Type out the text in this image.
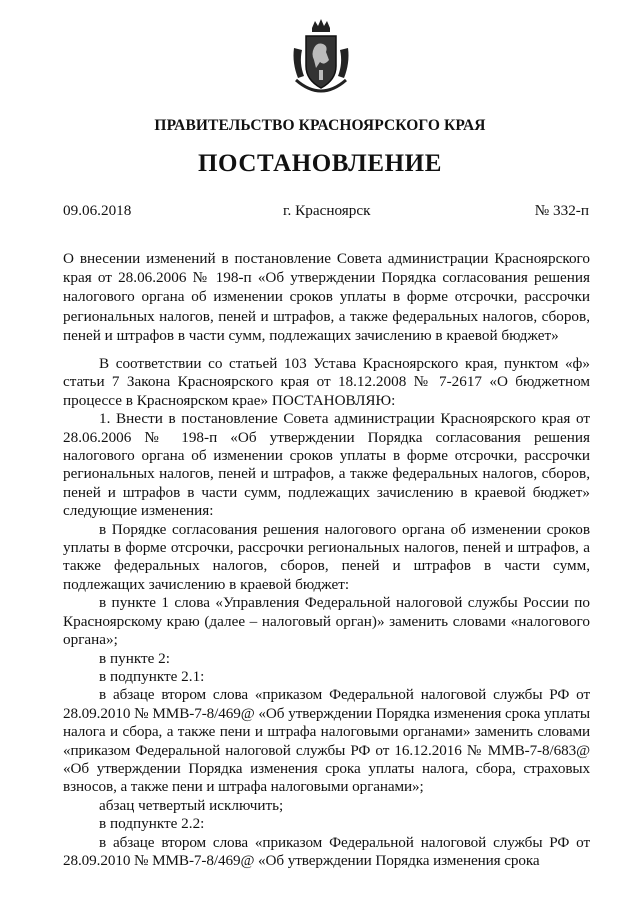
ПРАВИТЕЛЬСТВО КРАСНОЯРСКОГО КРАЯ
ПОСТАНОВЛЕНИЕ
09.06.2018	г. Красноярск	№ 332-п

О внесении изменений в постановление Совета администрации Красноярского края от 28.06.2006 № 198-п «Об утверждении Порядка согласования решения налогового органа об изменении сроков уплаты в форме отсрочки, рассрочки региональных налогов, пеней и штрафов, а также федеральных налогов, сборов, пеней и штрафов в части сумм, подлежащих зачислению в краевой бюджет»

В соответствии со статьей 103 Устава Красноярского края, пунктом «ф» статьи 7 Закона Красноярского края от 18.12.2008 № 7-2617 «О бюджетном процессе в Красноярском крае» ПОСТАНОВЛЯЮ:

1. Внести в постановление Совета администрации Красноярского края от 28.06.2006 № 198-п «Об утверждении Порядка согласования решения налогового органа об изменении сроков уплаты в форме отсрочки, рассрочки региональных налогов, пеней и штрафов, а также федеральных налогов, сборов, пеней и штрафов в части сумм, подлежащих зачислению в краевой бюджет» следующие изменения:

в Порядке согласования решения налогового органа об изменении сроков уплаты в форме отсрочки, рассрочки региональных налогов, пеней и штрафов, а также федеральных налогов, сборов, пеней и штрафов в части сумм, подлежащих зачислению в краевой бюджет:

в пункте 1 слова «Управления Федеральной налоговой службы России по Красноярскому краю (далее – налоговый орган)» заменить словами «налогового органа»;

в пункте 2:

в подпункте 2.1:

в абзаце втором слова «приказом Федеральной налоговой службы РФ от 28.09.2010 № ММВ-7-8/469@ «Об утверждении Порядка изменения срока уплаты налога и сбора, а также пени и штрафа налоговыми органами» заменить словами «приказом Федеральной налоговой службы РФ от 16.12.2016 № ММВ-7-8/683@ «Об утверждении Порядка изменения срока уплаты налога, сбора, страховых взносов, а также пени и штрафа налоговыми органами»;

абзац четвертый исключить;

в подпункте 2.2:

в абзаце втором слова «приказом Федеральной налоговой службы РФ от 28.09.2010 № ММВ-7-8/469@ «Об утверждении Порядка изменения срока
